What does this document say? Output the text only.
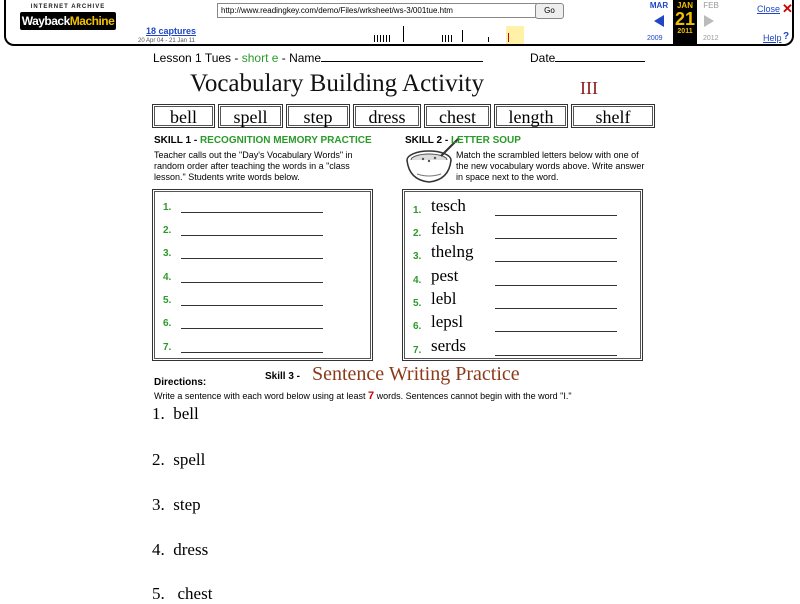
INTERNET ARCHIVE
WaybackMachine
18 captures
20 Apr 04 - 21 Jan 11
http://www.readingkey.com/demo/Files/wrksheet/ws-3/001tue.htm	Go
MAR
2009
JAN
21
2011
FEB
2012
Close ✕
Help ?
Lesson 1 Tues - short e - Name	Date
Vocabulary Building Activity	III
bell	spell	step	dress	chest	length	shelf
SKILL 1 - RECOGNITION MEMORY PRACTICE
Teacher calls out the "Day's Vocabulary Words" in random order after teaching the words in a "class lesson." Students write words below.
1.
2.
3.
4.
5.
6.
7.
SKILL 2 - LETTER SOUP
Match the scrambled letters below with one of the new vocabulary words above. Write answer in space next to the word.
1. tesch
2. felsh
3. thelng
4. pest
5. lebl
6. lepsl
7. serds
Directions:
Skill 3 - Sentence Writing Practice
Write a sentence with each word below using at least 7 words. Sentences cannot begin with the word "I."
1.  bell
2.  spell
3.  step
4.  dress
5.   chest
